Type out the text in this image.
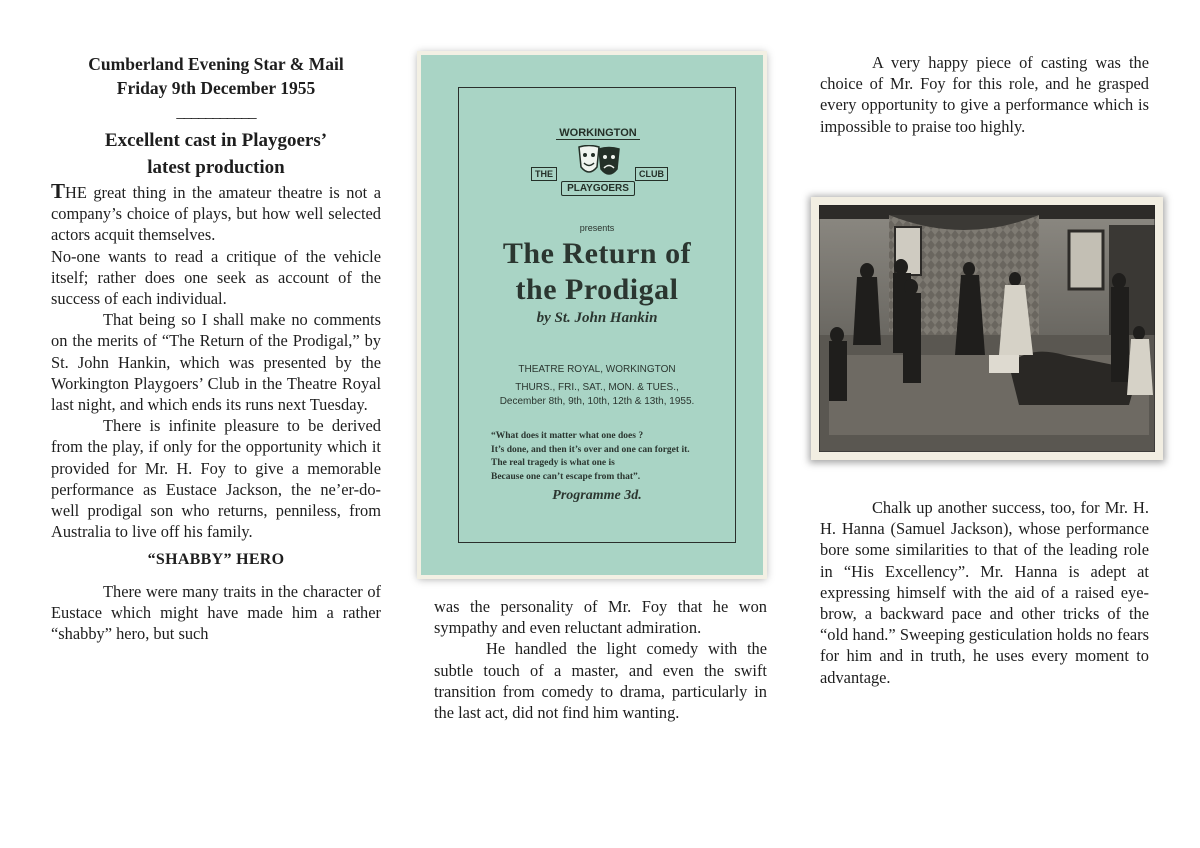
Cumberland Evening Star & Mail
Friday 9th December 1955
___________
Excellent cast in Playgoers’
latest production

THE great thing in the amateur theatre is not a company’s choice of plays, but how well selected actors acquit themselves.

No-one wants to read a critique of the vehicle itself; rather does one seek as account of the success of each individual.

That being so I shall make no comments on the merits of “The Return of the Prodigal,” by St. John Hankin, which was presented by the Workington Playgoers’ Club in the Theatre Royal last night, and which ends its runs next Tuesday.

There is infinite pleasure to be derived from the play, if only for the opportunity which it provided for Mr. H. Foy to give a memorable performance as Eustace Jackson, the ne’er-do-well prodigal son who returns, penniless, from Australia to live off his family.

“SHABBY” HERO

There were many traits in the character of Eustace which might have made him a rather “shabby” hero, but such

WORKINGTON
THE	CLUB
PLAYGOERS
presents
The Return of
the Prodigal
by St. John Hankin
THEATRE ROYAL, WORKINGTON
THURS., FRI., SAT., MON. & TUES.,
December 8th, 9th, 10th, 12th & 13th, 1955.
“What does it matter what one does ?
It’s done, and then it’s over and one can forget it.
The real tragedy is what one is
Because one can’t escape from that”.
Programme 3d.

was the personality of Mr. Foy that he won sympathy and even reluctant admiration.

He handled the light comedy with the subtle touch of a master, and even the swift transition from comedy to drama, particularly in the last act, did not find him wanting.

A very happy piece of casting was the choice of Mr. Foy for this role, and he grasped every opportunity to give a performance which is impossible to praise too highly.

Chalk up another success, too, for Mr. H. H. Hanna (Samuel Jackson), whose performance bore some similarities to that of the leading role in “His Excellency”. Mr. Hanna is adept at expressing himself with the aid of a raised eye-brow, a backward pace and other tricks of the “old hand.” Sweeping gesticulation holds no fears for him and in truth, he uses every moment to advantage.
